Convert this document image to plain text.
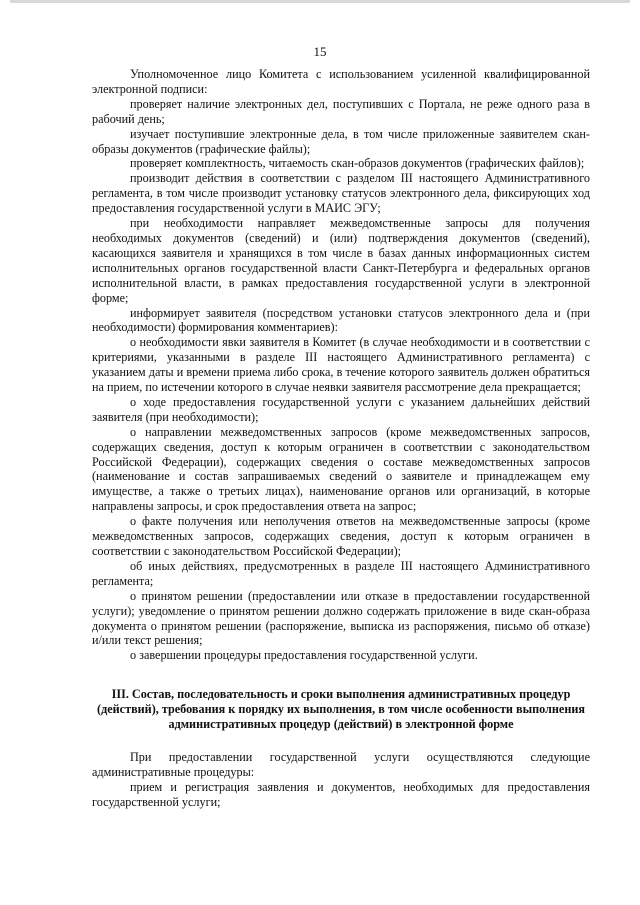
15

Уполномоченное лицо Комитета с использованием усиленной квалифицированной электронной подписи:

проверяет наличие электронных дел, поступивших с Портала, не реже одного раза в рабочий день;

изучает поступившие электронные дела, в том числе приложенные заявителем скан-образы документов (графические файлы);

проверяет комплектность, читаемость скан-образов документов (графических файлов);

производит действия в соответствии с разделом III настоящего Административного регламента, в том числе производит установку статусов электронного дела, фиксирующих ход предоставления государственной услуги в МАИС ЭГУ;

при необходимости направляет межведомственные запросы для получения необходимых документов (сведений) и (или) подтверждения документов (сведений), касающихся заявителя и хранящихся в том числе в базах данных информационных систем исполнительных органов государственной власти Санкт-Петербурга и федеральных органов исполнительной власти, в рамках предоставления государственной услуги в электронной форме;

информирует заявителя (посредством установки статусов электронного дела и (при необходимости) формирования комментариев):

о необходимости явки заявителя в Комитет (в случае необходимости и в соответствии с критериями, указанными в разделе III настоящего Административного регламента) с указанием даты и времени приема либо срока, в течение которого заявитель должен обратиться на прием, по истечении которого в случае неявки заявителя рассмотрение дела прекращается;

о ходе предоставления государственной услуги с указанием дальнейших действий заявителя (при необходимости);

о направлении межведомственных запросов (кроме межведомственных запросов, содержащих сведения, доступ к которым ограничен в соответствии с законодательством Российской Федерации), содержащих сведения о составе межведомственных запросов (наименование и состав запрашиваемых сведений о заявителе и принадлежащем ему имуществе, а также о третьих лицах), наименование органов или организаций, в которые направлены запросы, и срок предоставления ответа на запрос;

о факте получения или неполучения ответов на межведомственные запросы (кроме межведомственных запросов, содержащих сведения, доступ к которым ограничен в соответствии с законодательством Российской Федерации);

об иных действиях, предусмотренных в разделе III настоящего Административного регламента;

о принятом решении (предоставлении или отказе в предоставлении государственной услуги); уведомление о принятом решении должно содержать приложение в виде скан-образа документа о принятом решении (распоряжение, выписка из распоряжения, письмо об отказе) и/или текст решения;

о завершении процедуры предоставления государственной услуги.

III. Состав, последовательность и сроки выполнения административных процедур (действий), требования к порядку их выполнения, в том числе особенности выполнения административных процедур (действий) в электронной форме

При предоставлении государственной услуги осуществляются следующие административные процедуры:

прием и регистрация заявления и документов, необходимых для предоставления государственной услуги;
